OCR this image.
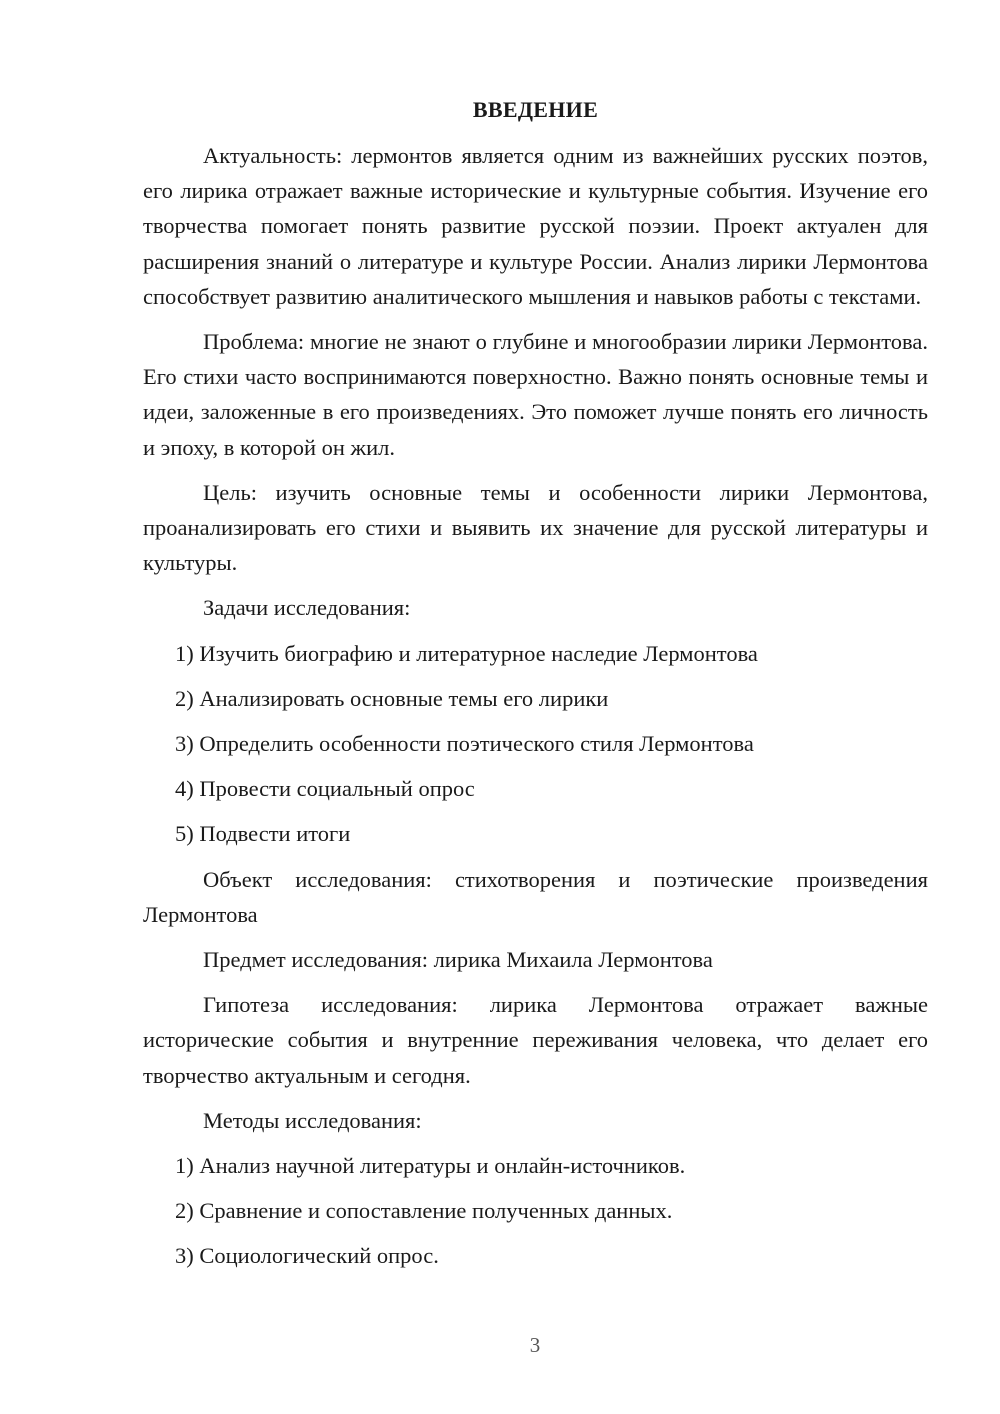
ВВЕДЕНИЕ

Актуальность: лермонтов является одним из важнейших русских поэтов, его лирика отражает важные исторические и культурные события. Изучение его творчества помогает понять развитие русской поэзии. Проект актуален для расширения знаний о литературе и культуре России. Анализ лирики Лермонтова способствует развитию аналитического мышления и навыков работы с текстами.

Проблема: многие не знают о глубине и многообразии лирики Лермонтова. Его стихи часто воспринимаются поверхностно. Важно понять основные темы и идеи, заложенные в его произведениях. Это поможет лучше понять его личность и эпоху, в которой он жил.

Цель: изучить основные темы и особенности лирики Лермонтова, проанализировать его стихи и выявить их значение для русской литературы и культуры.

Задачи исследования:

1) Изучить биографию и литературное наследие Лермонтова

2) Анализировать основные темы его лирики

3) Определить особенности поэтического стиля Лермонтова

4) Провести социальный опрос

5) Подвести итоги

Объект исследования: стихотворения и поэтические произведения Лермонтова

Предмет исследования: лирика Михаила Лермонтова

Гипотеза исследования: лирика Лермонтова отражает важные исторические события и внутренние переживания человека, что делает его творчество актуальным и сегодня.

Методы исследования:

1) Анализ научной литературы и онлайн-источников.

2) Сравнение и сопоставление полученных данных.

3) Социологический опрос.

3
